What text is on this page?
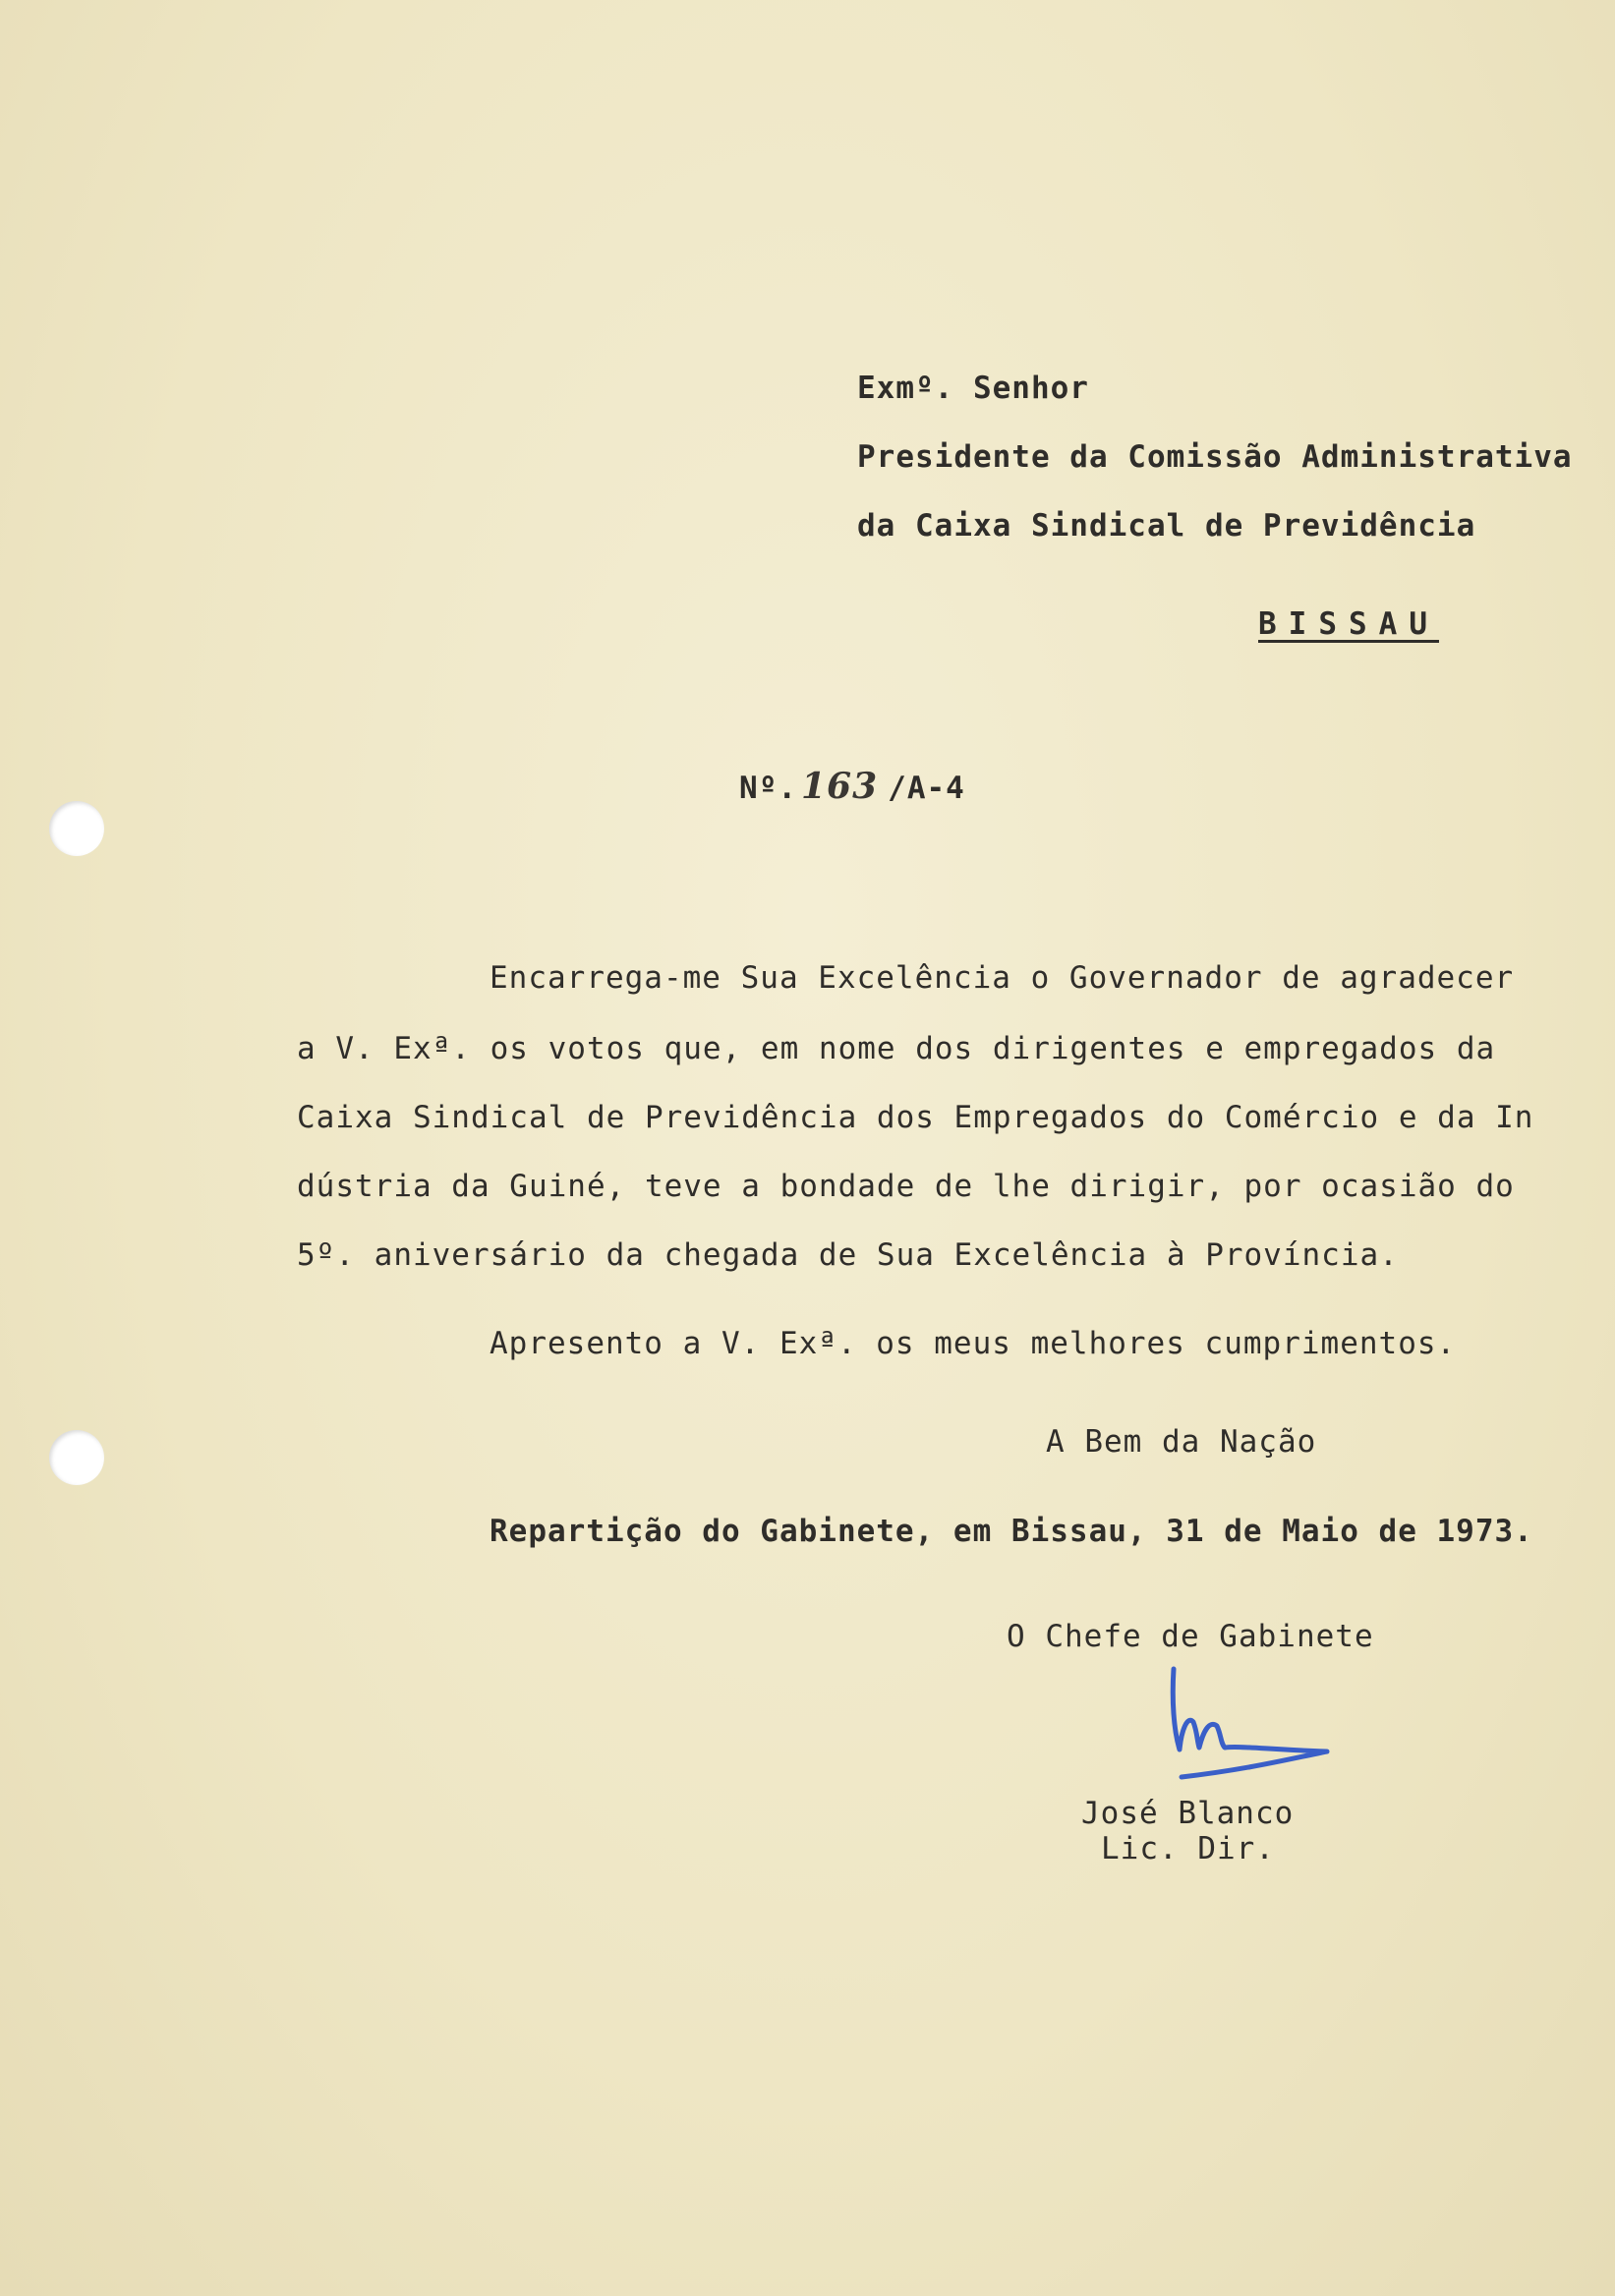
Exmº. Senhor
Presidente da Comissão Administrativa
da Caixa Sindical de Previdência
BISSAU
Nº. 163 /A-4
Encarrega-me Sua Excelência o Governador de agradecer
a V. Exª. os votos que, em nome dos dirigentes e empregados da
Caixa Sindical de Previdência dos Empregados do Comércio e da In
dústria da Guiné, teve a bondade de lhe dirigir, por ocasião do
5º. aniversário da chegada de Sua Excelência à Província.
Apresento a V. Exª. os meus melhores cumprimentos.
A Bem da Nação
Repartição do Gabinete, em Bissau, 31 de Maio de 1973.
O Chefe de Gabinete
José Blanco
Lic. Dir.
